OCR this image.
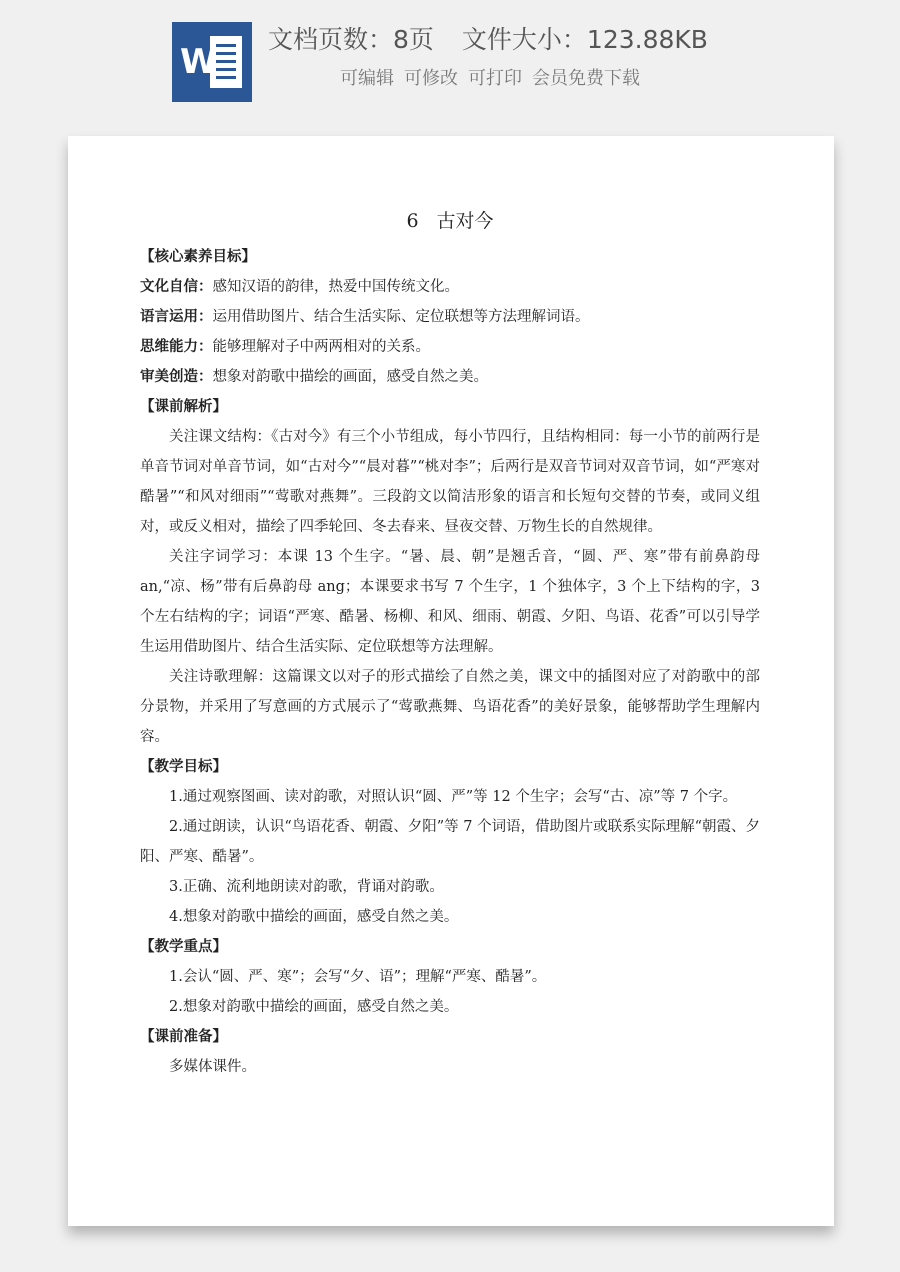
W
文档页数：8页 文件大小：123.88KB
可编辑 可修改 可打印 会员免费下载
6 古对今
【核心素养目标】
文化自信：感知汉语的韵律，热爱中国传统文化。
语言运用：运用借助图片、结合生活实际、定位联想等方法理解词语。
思维能力：能够理解对子中两两相对的关系。
审美创造：想象对韵歌中描绘的画面，感受自然之美。
【课前解析】
关注课文结构：《古对今》有三个小节组成，每小节四行，且结构相同：每一小节的前两行是单音节词对单音节词，如“古对今”“晨对暮”“桃对李”；后两行是双音节词对双音节词，如“严寒对酷暑”“和风对细雨”“莺歌对燕舞”。三段韵文以简洁形象的语言和长短句交替的节奏，或同义组对，或反义相对，描绘了四季轮回、冬去春来、昼夜交替、万物生长的自然规律。
关注字词学习：本课 13 个生字。“暑、晨、朝”是翘舌音，“圆、严、寒”带有前鼻韵母 an,“凉、杨”带有后鼻韵母 ang；本课要求书写 7 个生字，1 个独体字，3 个上下结构的字，3 个左右结构的字；词语“严寒、酷暑、杨柳、和风、细雨、朝霞、夕阳、鸟语、花香”可以引导学生运用借助图片、结合生活实际、定位联想等方法理解。
关注诗歌理解：这篇课文以对子的形式描绘了自然之美，课文中的插图对应了对韵歌中的部分景物，并采用了写意画的方式展示了“莺歌燕舞、鸟语花香”的美好景象，能够帮助学生理解内容。
【教学目标】
1.通过观察图画、读对韵歌，对照认识“圆、严”等 12 个生字；会写“古、凉”等 7 个字。
2.通过朗读，认识“鸟语花香、朝霞、夕阳”等 7 个词语，借助图片或联系实际理解“朝霞、夕阳、严寒、酷暑”。
3.正确、流利地朗读对韵歌，背诵对韵歌。
4.想象对韵歌中描绘的画面，感受自然之美。
【教学重点】
1.会认“圆、严、寒”；会写“夕、语”；理解“严寒、酷暑”。
2.想象对韵歌中描绘的画面，感受自然之美。
【课前准备】
多媒体课件。
